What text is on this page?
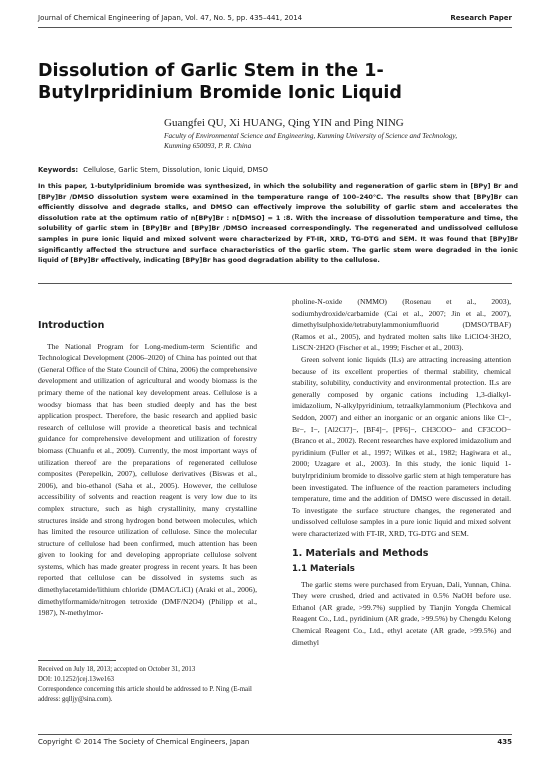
Journal of Chemical Engineering of Japan, Vol. 47, No. 5, pp. 435–441, 2014	Research Paper
Dissolution of Garlic Stem in the 1-Butylrpridinium Bromide Ionic Liquid
Guangfei QU, Xi HUANG, Qing YIN and Ping NING
Faculty of Environmental Science and Engineering, Kunming University of Science and Technology,
Kunming 650093, P. R. China
Keywords: Cellulose, Garlic Stem, Dissolution, Ionic Liquid, DMSO
In this paper, 1-butylpridinium bromide was synthesized, in which the solubility and regeneration of garlic stem in [BPy] Br and [BPy]Br /DMSO dissolution system were examined in the temperature range of 100–240°C. The results show that [BPy]Br can efficiently dissolve and degrade stalks, and DMSO can effectively improve the solubility of garlic stem and accelerates the dissolution rate at the optimum ratio of n[BPy]Br : n[DMSO] = 1 :8. With the increase of dissolution temperature and time, the solubility of garlic stem in [BPy]Br and [BPy]Br /DMSO increased correspondingly. The regenerated and undissolved cellulose samples in pure ionic liquid and mixed solvent were characterized by FT-IR, XRD, TG-DTG and SEM. It was found that [BPy]Br significantly affected the structure and surface characteristics of the garlic stem. The garlic stem were degraded in the ionic liquid of [BPy]Br effectively, indicating [BPy]Br has good degradation ability to the cellulose.
Introduction

The National Program for Long-medium-term Scientific and Technological Development (2006–2020) of China has pointed out that (General Office of the State Council of China, 2006) the comprehensive development and utilization of agricultural and woody biomass is the primary theme of the national key development areas. Cellulose is a woodsy biomass that has been studied deeply and has the best application prospect. Therefore, the basic research and applied basic research of cellulose will provide a theoretical basis and technical guidance for comprehensive development and utilization of forestry biomass (Chuanfu et al., 2009). Currently, the most important ways of utilization thereof are the preparations of regenerated cellulose composites (Perepelkin, 2007), cellulose derivatives (Biswas et al., 2006), and bio-ethanol (Saha et al., 2005). However, the cellulose accessibility of solvents and reaction reagent is very low due to its complex structure, such as high crystallinity, many crystalline structures inside and strong hydrogen bond between molecules, which has limited the resource utilization of cellulose. Since the molecular structure of cellulose had been confirmed, much attention has been given to looking for and developing appropriate cellulose solvent systems, which has made greater progress in recent years. It has been reported that cellulose can be dissolved in systems such as dimethylacetamide/lithium chloride (DMAC/LiCl) (Araki et al., 2006), dimethylformamide/nitrogen tetroxide (DMF/N2O4) (Philipp et al., 1987), N-methylmor-

pholine-N-oxide (NMMO) (Rosenau et al., 2003), sodiumhydroxide/carbamide (Cai et al., 2007; Jin et al., 2007), dimethylsulphoxide/tetrabutylammoniumfluorid (DMSO/TBAF) (Ramos et al., 2005), and hydrated molten salts like LiClO4·3H2O, LiSCN·2H2O (Fischer et al., 1999; Fischer et al., 2003).

Green solvent ionic liquids (ILs) are attracting increasing attention because of its excellent properties of thermal stability, chemical stability, solubility, conductivity and environmental protection. ILs are generally composed by organic cations including 1,3-dialkyl-imidazolium, N-alkylpyridinium, tetraalkylammonium (Plechkova and Seddon, 2007) and either an inorganic or an organic anions like Cl−, Br−, I−, [Al2Cl7]−, [BF4]−, [PF6]−, CH3COO− and CF3COO− (Branco et al., 2002). Recent researches have explored imidazolium and pyridinium (Fuller et al., 1997; Wilkes et al., 1982; Hagiwara et al., 2000; Uzagare et al., 2003). In this study, the ionic liquid 1-butylrpridinium bromide to dissolve garlic stem at high temperature has been investigated. The influence of the reaction parameters including temperature, time and the addition of DMSO were discussed in detail. To investigate the surface structure changes, the regenerated and undissolved cellulose samples in a pure ionic liquid and mixed solvent were characterized with FT-IR, XRD, TG-DTG and SEM.

1. Materials and Methods
1.1 Materials

The garlic stems were purchased from Eryuan, Dali, Yunnan, China. They were crushed, dried and activated in 0.5% NaOH before use. Ethanol (AR grade, >99.7%) supplied by Tianjin Yongda Chemical Reagent Co., Ltd., pyridinium (AR grade, >99.5%) by Chengdu Kelong Chemical Reagent Co., Ltd., ethyl acetate (AR grade, >99.5%) and dimethyl

Received on July 18, 2013; accepted on October 31, 2013
DOI: 10.1252/jcej.13we163
Correspondence concerning this article should be addressed to P. Ning (E-mail address: gqlljy@sina.com).
Copyright © 2014 The Society of Chemical Engineers, Japan	435
